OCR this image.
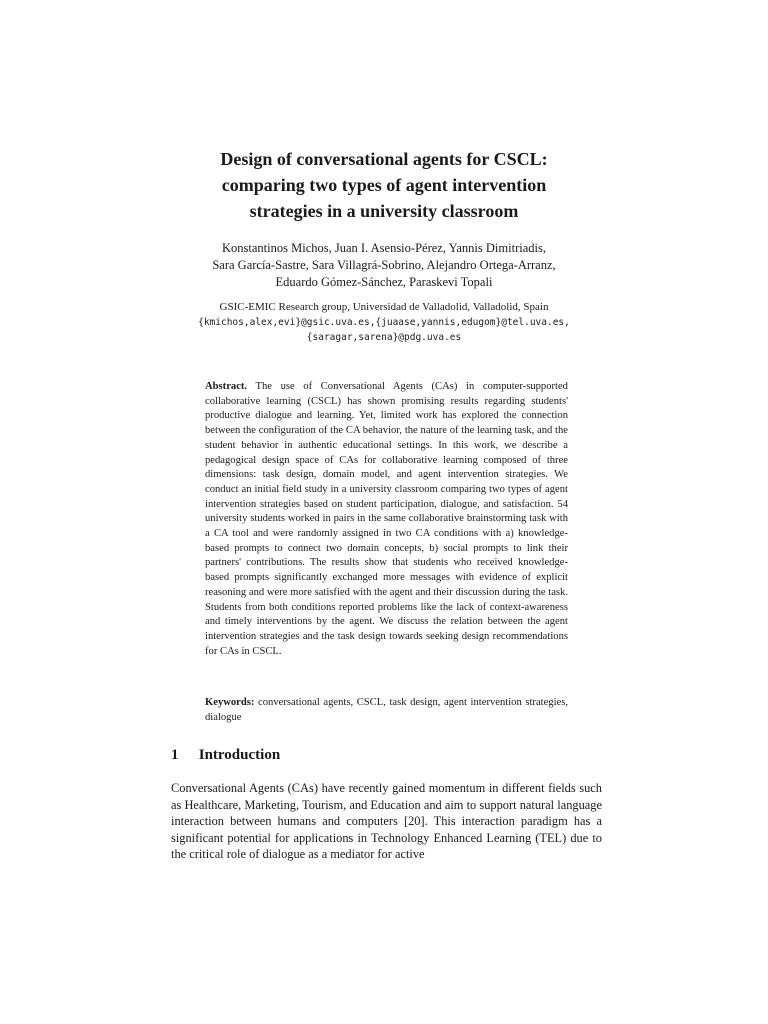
Design of conversational agents for CSCL:
comparing two types of agent intervention
strategies in a university classroom
Konstantinos Michos, Juan I. Asensio-Pérez, Yannis Dimitriadis,
Sara García-Sastre, Sara Villagrá-Sobrino, Alejandro Ortega-Arranz,
Eduardo Gómez-Sánchez, Paraskevi Topali
GSIC-EMIC Research group, Universidad de Valladolid, Valladolid, Spain
{kmichos,alex,evi}@gsic.uva.es,{juaase,yannis,edugom}@tel.uva.es,
{saragar,sarena}@pdg.uva.es
Abstract. The use of Conversational Agents (CAs) in computer-supported collaborative learning (CSCL) has shown promising results regarding students' productive dialogue and learning. Yet, limited work has explored the connection between the configuration of the CA behavior, the nature of the learning task, and the student behavior in authentic educational settings. In this work, we describe a pedagogical design space of CAs for collaborative learning composed of three dimensions: task design, domain model, and agent intervention strategies. We conduct an initial field study in a university classroom comparing two types of agent intervention strategies based on student participation, dialogue, and satisfaction. 54 university students worked in pairs in the same collaborative brainstorming task with a CA tool and were randomly assigned in two CA conditions with a) knowledge-based prompts to connect two domain concepts, b) social prompts to link their partners' contributions. The results show that students who received knowledge-based prompts significantly exchanged more messages with evidence of explicit reasoning and were more satisfied with the agent and their discussion during the task. Students from both conditions reported problems like the lack of context-awareness and timely interventions by the agent. We discuss the relation between the agent intervention strategies and the task design towards seeking design recommendations for CAs in CSCL.
Keywords: conversational agents, CSCL, task design, agent intervention strategies, dialogue
1 Introduction
Conversational Agents (CAs) have recently gained momentum in different fields such as Healthcare, Marketing, Tourism, and Education and aim to support natural language interaction between humans and computers [20]. This interaction paradigm has a significant potential for applications in Technology Enhanced Learning (TEL) due to the critical role of dialogue as a mediator for active
